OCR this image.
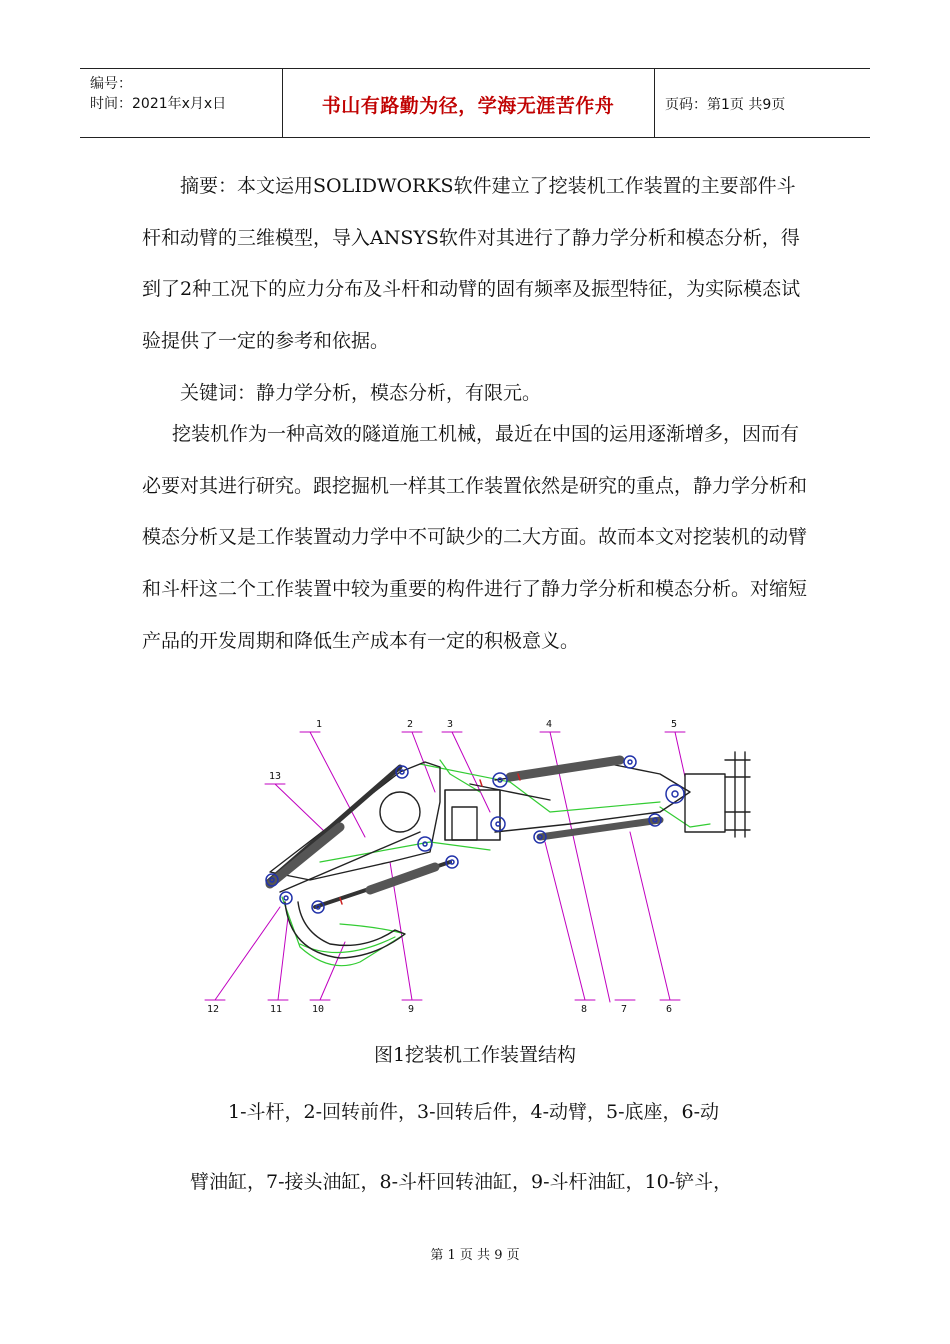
编号：
时间：2021年x月x日	书山有路勤为径，学海无涯苦作舟	页码：第1页 共9页

摘要：本文运用SOLIDWORKS软件建立了挖装机工作装置的主要部件斗杆和动臂的三维模型，导入ANSYS软件对其进行了静力学分析和模态分析，得到了2种工况下的应力分布及斗杆和动臂的固有频率及振型特征，为实际模态试验提供了一定的参考和依据。

关键词：静力学分析，模态分析，有限元。

挖装机作为一种高效的隧道施工机械，最近在中国的运用逐渐增多，因而有必要对其进行研究。跟挖掘机一样其工作装置依然是研究的重点，静力学分析和模态分析又是工作装置动力学中不可缺少的二大方面。故而本文对挖装机的动臂和斗杆这二个工作装置中较为重要的构件进行了静力学分析和模态分析。对缩短产品的开发周期和降低生产成本有一定的积极意义。

1	2	3	4	5
13
12	11	10	9	8	7	6
图1挖装机工作装置结构
1-斗杆，2-回转前件，3-回转后件，4-动臂，5-底座，6-动
臂油缸，7-接头油缸，8-斗杆回转油缸，9-斗杆油缸，10-铲斗，
第 1 页 共 9 页
